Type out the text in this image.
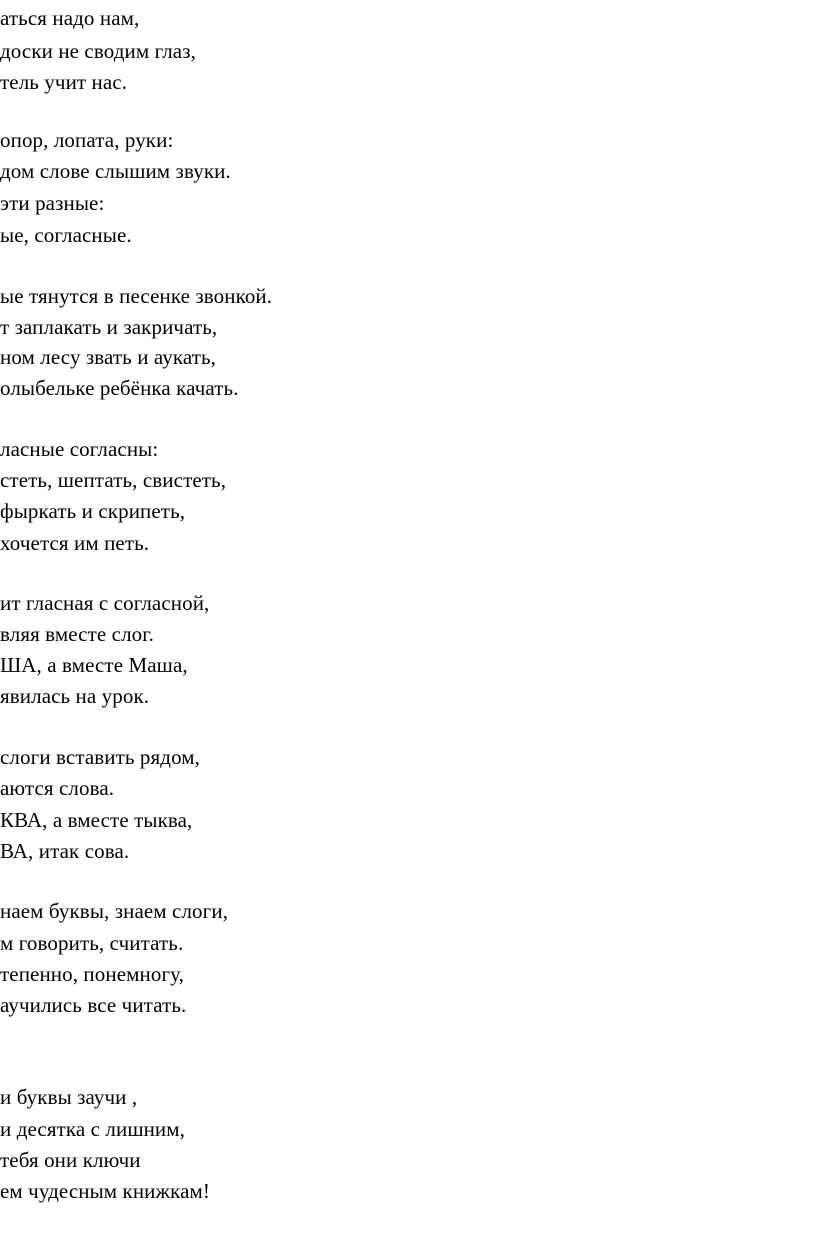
аться надо нам,
доски не сводим глаз,
тель учит нас.
опор, лопата, руки:
дом слове слышим звуки.
эти разные:
ые, согласные.
ые тянутся в песенке звонкой.
т заплакать и закричать,
ном лесу звать и аукать,
олыбельке ребёнка качать.
ласные согласны:
стеть, шептать, свистеть,
фыркать и скрипеть,
хочется им петь.
ит гласная с согласной,
вляя вместе слог.
ША, а вместе Маша,
явилась на урок.
слоги вставить рядом,
аются слова.
КВА, а вместе тыква,
ВА, итак сова.
наем буквы, знаем слоги,
м говорить, считать.
тепенно, понемногу,
аучились все читать.
и буквы заучи ,
и десятка с лишним,
тебя они ключи
ем чудесным книжкам!
